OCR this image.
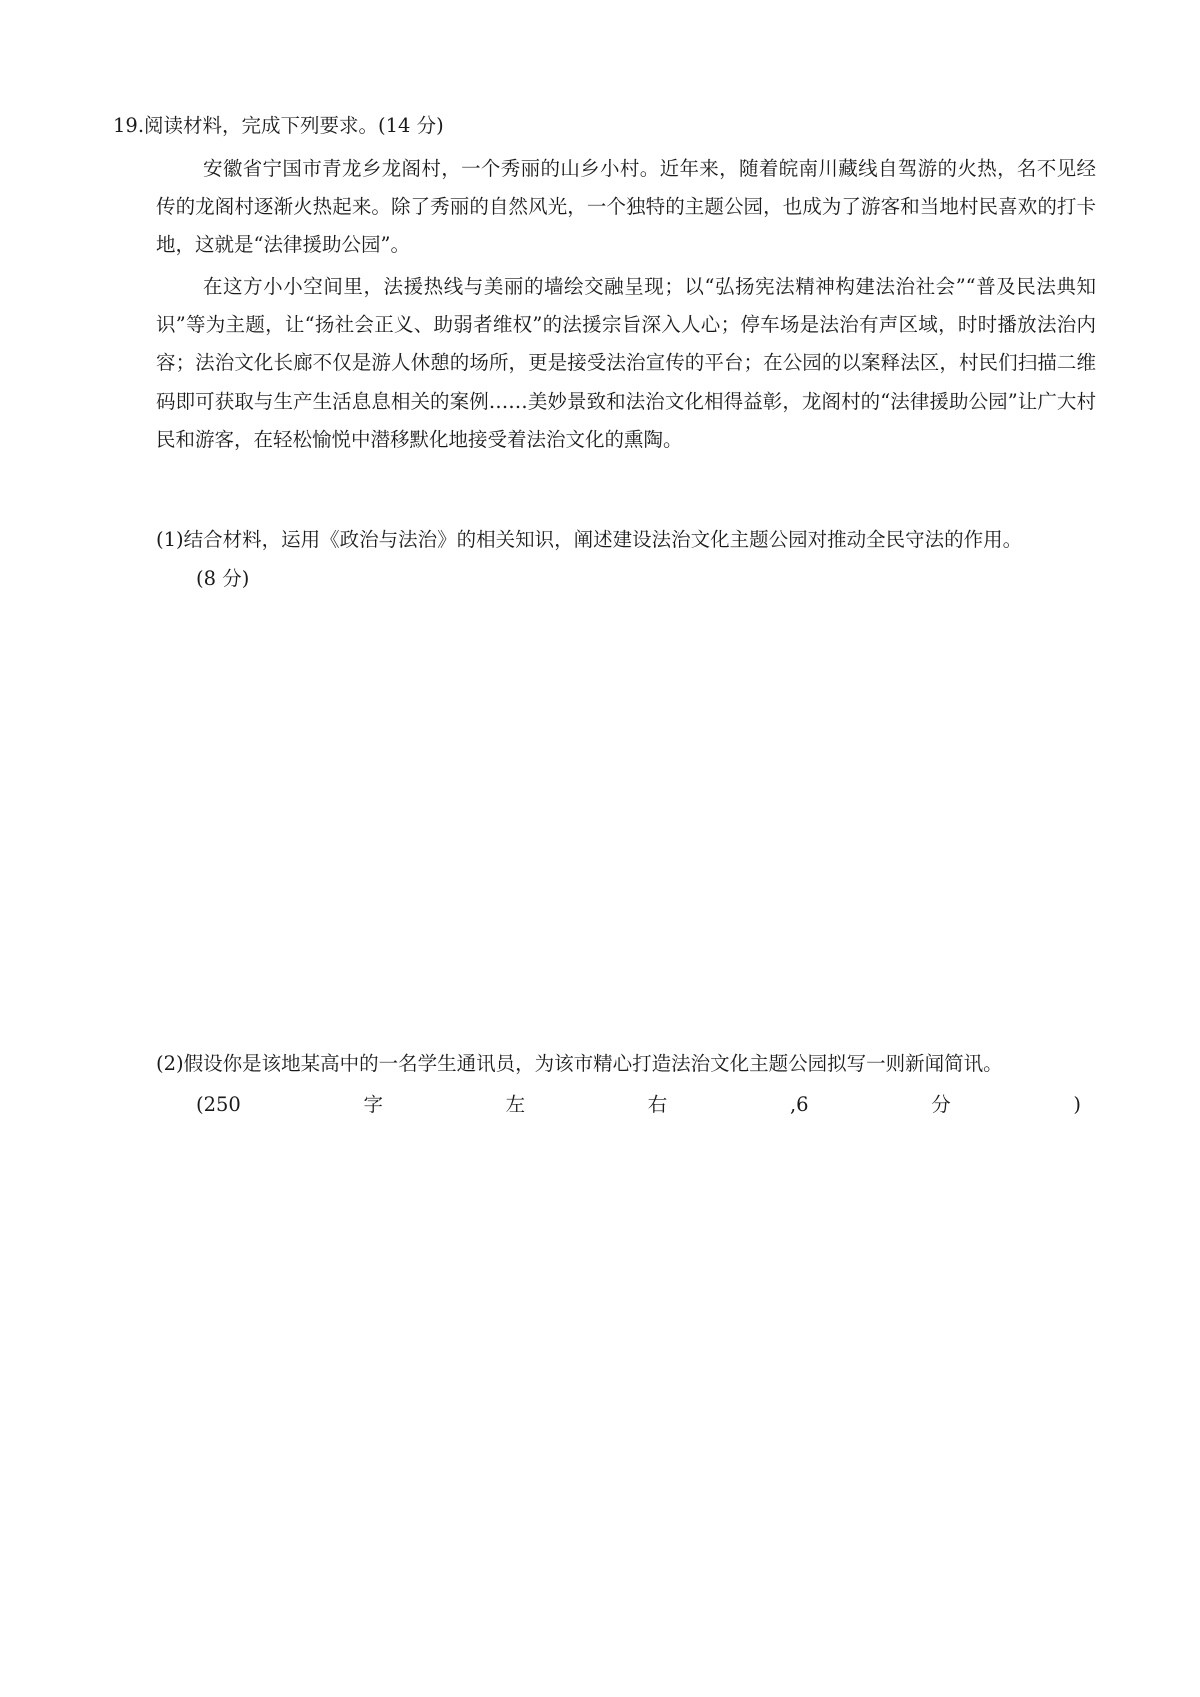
19.阅读材料，完成下列要求。(14 分)

安徽省宁国市青龙乡龙阁村，一个秀丽的山乡小村。近年来，随着皖南川藏线自驾游的火热，名不见经传的龙阁村逐渐火热起来。除了秀丽的自然风光，一个独特的主题公园，也成为了游客和当地村民喜欢的打卡地，这就是“法律援助公园”。

在这方小小空间里，法援热线与美丽的墙绘交融呈现；以“弘扬宪法精神构建法治社会”“普及民法典知识”等为主题，让“扬社会正义、助弱者维权”的法援宗旨深入人心；停车场是法治有声区域，时时播放法治内容；法治文化长廊不仅是游人休憩的场所，更是接受法治宣传的平台；在公园的以案释法区，村民们扫描二维码即可获取与生产生活息息相关的案例……美妙景致和法治文化相得益彰，龙阁村的“法律援助公园”让广大村民和游客，在轻松愉悦中潜移默化地接受着法治文化的熏陶。

(1)结合材料，运用《政治与法治》的相关知识，阐述建设法治文化主题公园对推动全民守法的作用。

(8 分)

(2)假设你是该地某高中的一名学生通讯员，为该市精心打造法治文化主题公园拟写一则新闻简讯。

(250	字	左	右	,6	分	)
